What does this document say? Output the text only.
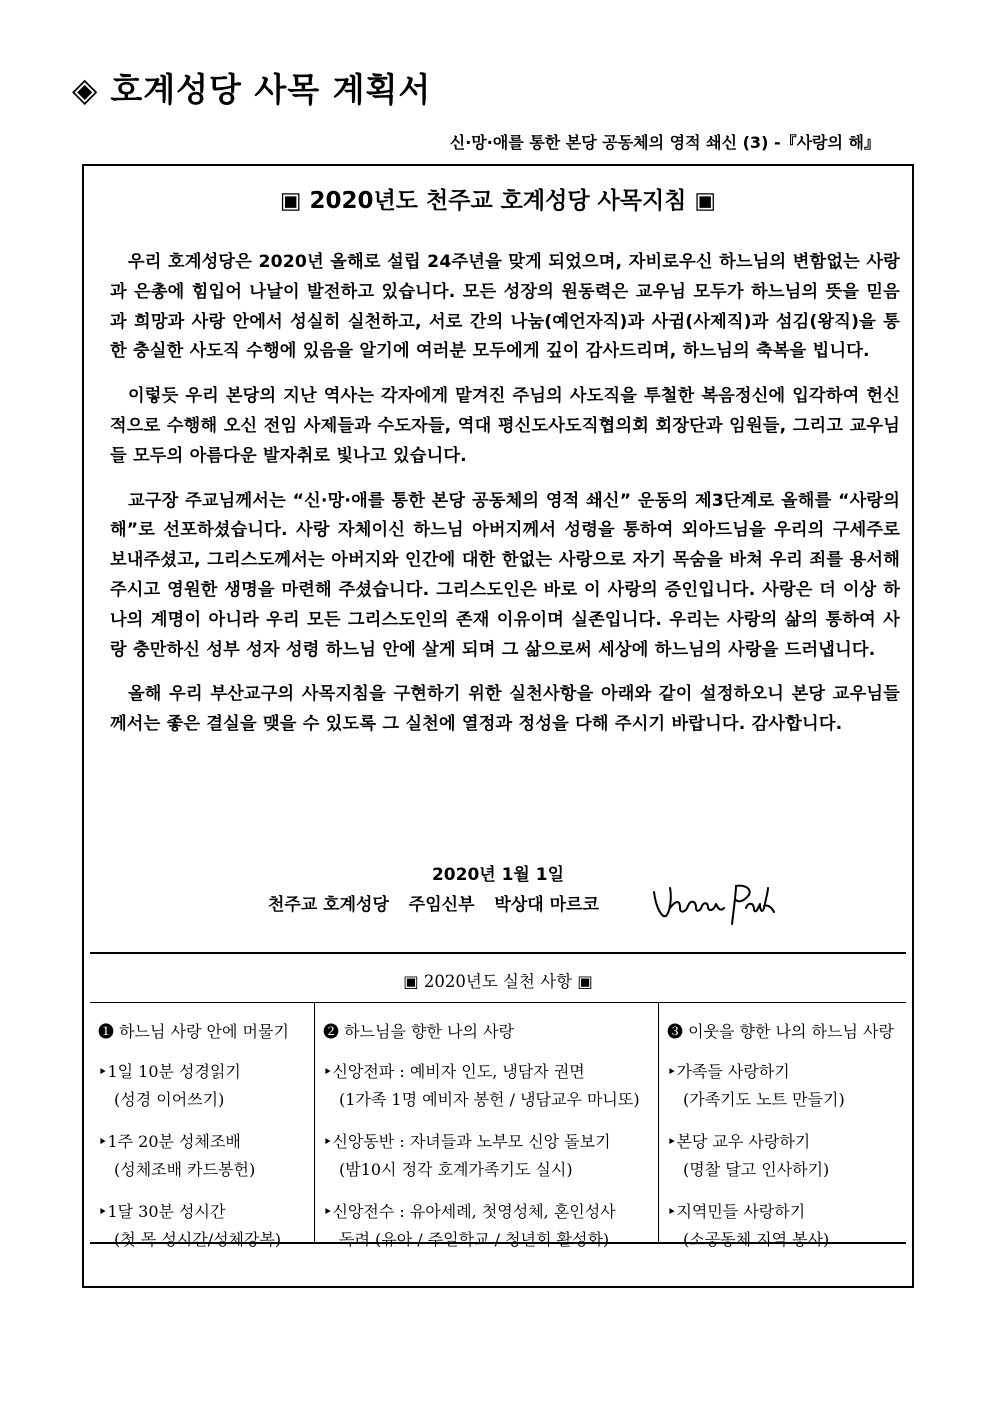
◈ 호계성당 사목 계획서
신·망·애를 통한 본당 공동체의 영적 쇄신 (3) -『사랑의 해』
▣ 2020년도 천주교 호계성당 사목지침 ▣

우리 호계성당은 2020년 올해로 설립 24주년을 맞게 되었으며, 자비로우신 하느님의 변함없는 사랑과 은총에 힘입어 나날이 발전하고 있습니다. 모든 성장의 원동력은 교우님 모두가 하느님의 뜻을 믿음과 희망과 사랑 안에서 성실히 실천하고, 서로 간의 나눔(예언자직)과 사귐(사제직)과 섬김(왕직)을 통한 충실한 사도직 수행에 있음을 알기에 여러분 모두에게 깊이 감사드리며, 하느님의 축복을 빕니다.

이렇듯 우리 본당의 지난 역사는 각자에게 맡겨진 주님의 사도직을 투철한 복음정신에 입각하여 헌신적으로 수행해 오신 전임 사제들과 수도자들, 역대 평신도사도직협의회 회장단과 임원들, 그리고 교우님들 모두의 아름다운 발자취로 빛나고 있습니다.

교구장 주교님께서는 “신·망·애를 통한 본당 공동체의 영적 쇄신” 운동의 제3단계로 올해를 “사랑의 해”로 선포하셨습니다. 사랑 자체이신 하느님 아버지께서 성령을 통하여 외아드님을 우리의 구세주로 보내주셨고, 그리스도께서는 아버지와 인간에 대한 한없는 사랑으로 자기 목숨을 바쳐 우리 죄를 용서해 주시고 영원한 생명을 마련해 주셨습니다. 그리스도인은 바로 이 사랑의 증인입니다. 사랑은 더 이상 하나의 계명이 아니라 우리 모든 그리스도인의 존재 이유이며 실존입니다. 우리는 사랑의 삶의 통하여 사랑 충만하신 성부 성자 성령 하느님 안에 살게 되며 그 삶으로써 세상에 하느님의 사랑을 드러냅니다.

올해 우리 부산교구의 사목지침을 구현하기 위한 실천사항을 아래와 같이 설정하오니 본당 교우님들께서는 좋은 결실을 맺을 수 있도록 그 실천에 열정과 정성을 다해 주시기 바랍니다. 감사합니다.

2020년 1월 1일
천주교 호계성당 주임신부 박상대 마르코
▣ 2020년도 실천 사항 ▣
❶ 하느님 사랑 안에 머물기
‣1일 10분 성경읽기
(성경 이어쓰기)
‣1주 20분 성체조배
(성체조배 카드봉헌)
‣1달 30분 성시간
(첫 목 성시간/성체강복)
❷ 하느님을 향한 나의 사랑
‣신앙전파 : 예비자 인도, 냉담자 권면
(1가족 1명 예비자 봉헌 / 냉담교우 마니또)
‣신앙동반 : 자녀들과 노부모 신앙 돌보기
(밤10시 정각 호계가족기도 실시)
‣신앙전수 : 유아세례, 첫영성체, 혼인성사
독려 (유아 / 주일학교 / 청년회 활성화)
❸ 이웃을 향한 나의 하느님 사랑
‣가족들 사랑하기
(가족기도 노트 만들기)
‣본당 교우 사랑하기
(명찰 달고 인사하기)
‣지역민들 사랑하기
(소공동체 지역 봉사)
